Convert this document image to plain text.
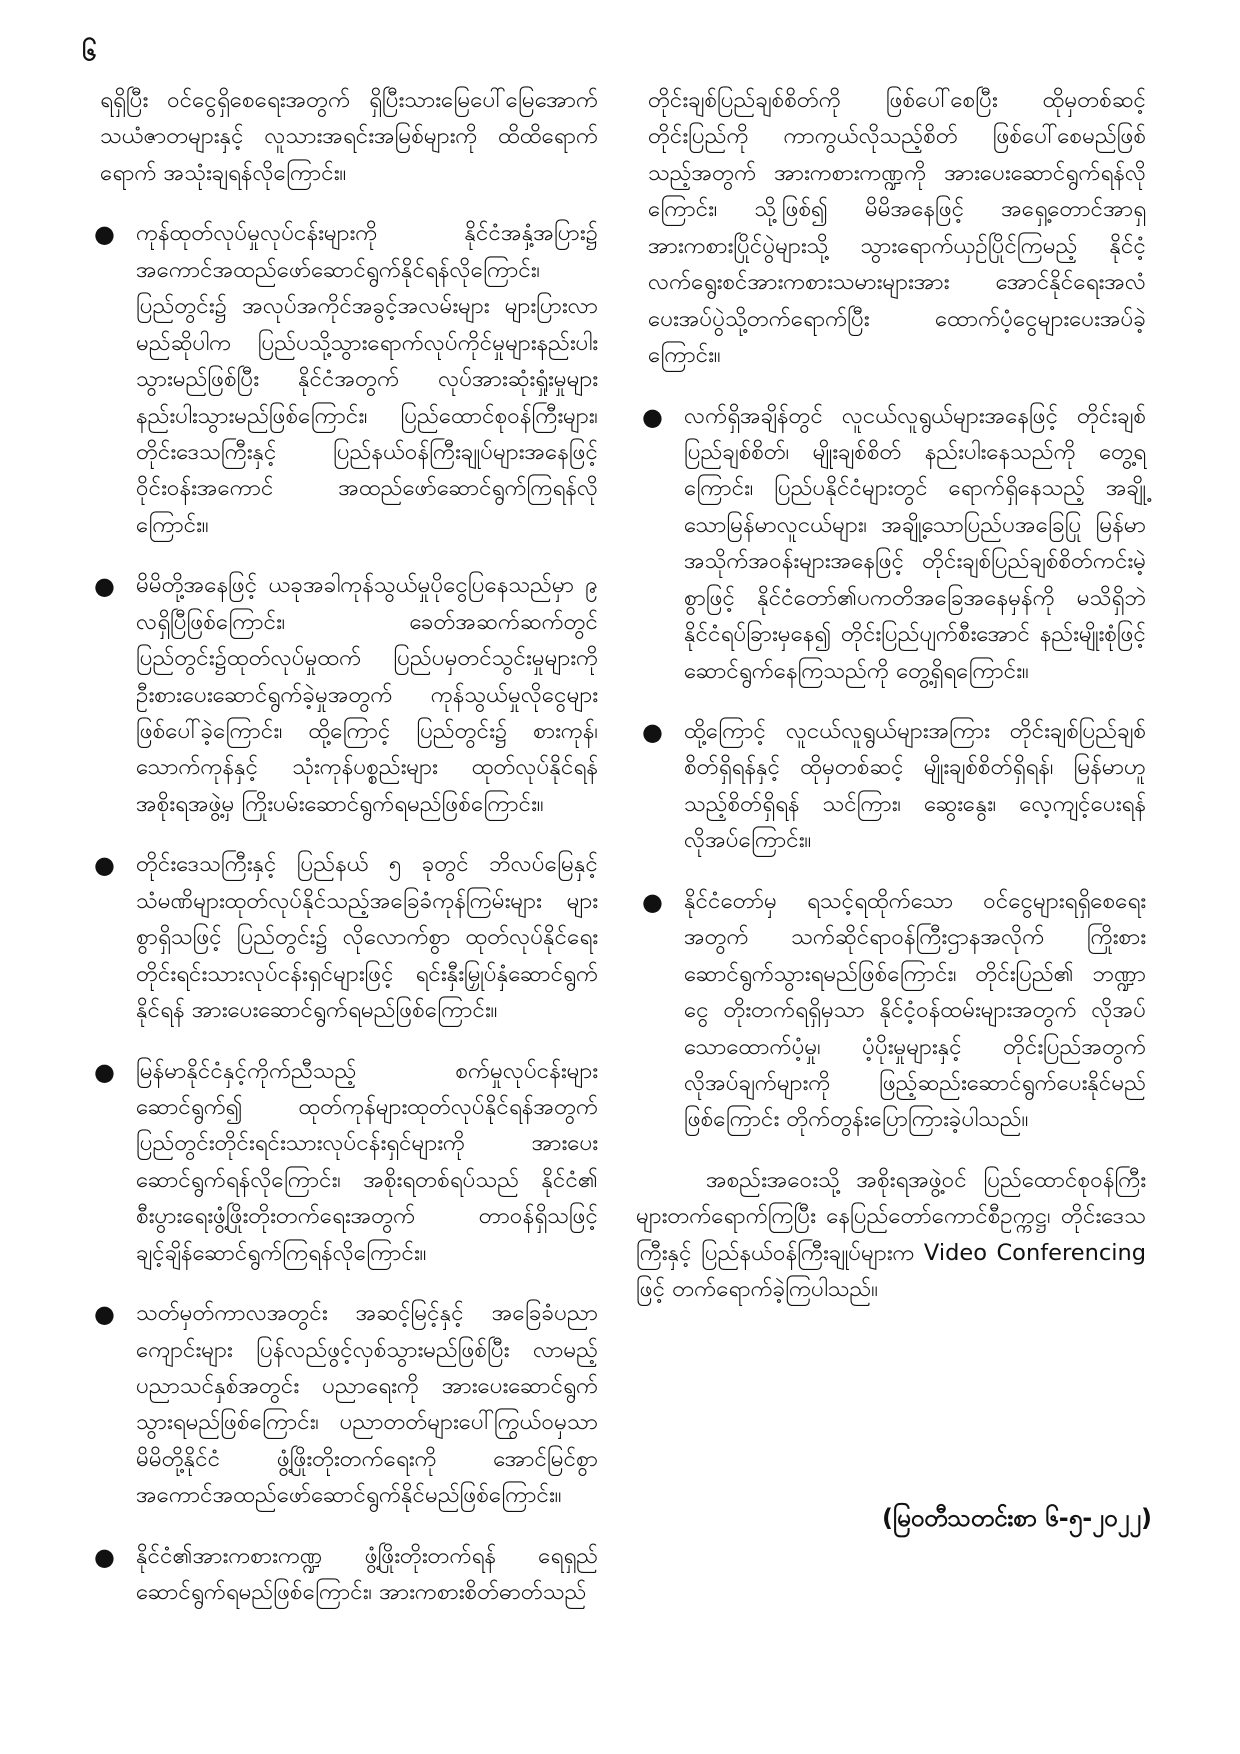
၆

ရရှိပြီး ဝင်ငွေရှိစေရေးအတွက် ရှိပြီးသားမြေပေါ်မြေအောက်သယံဇာတများနှင့် လူသားအရင်းအမြစ်များကို ထိထိရောက်ရောက် အသုံးချရန်လိုကြောင်း။

● ကုန်ထုတ်လုပ်မှုလုပ်ငန်းများကို နိုင်ငံအနှံ့အပြား၌ အကောင်အထည်ဖော်ဆောင်ရွက်နိုင်ရန်လိုကြောင်း၊ ပြည်တွင်း၌ အလုပ်အကိုင်အခွင့်အလမ်းများ များပြားလာမည်ဆိုပါက ပြည်ပသို့သွားရောက်လုပ်ကိုင်မှုများနည်းပါးသွားမည်ဖြစ်ပြီး နိုင်ငံအတွက် လုပ်အားဆုံးရှုံးမှုများ နည်းပါးသွားမည်ဖြစ်ကြောင်း၊ ပြည်ထောင်စုဝန်ကြီးများ၊ တိုင်းဒေသကြီးနှင့် ပြည်နယ်ဝန်ကြီးချုပ်များအနေဖြင့် ဝိုင်းဝန်းအကောင် အထည်ဖော်ဆောင်ရွက်ကြရန်လိုကြောင်း။
● မိမိတို့အနေဖြင့် ယခုအခါကုန်သွယ်မှုပိုငွေပြနေသည်မှာ ၉ လရှိပြီဖြစ်ကြောင်း၊ ခေတ်အဆက်ဆက်တွင် ပြည်တွင်း၌ထုတ်လုပ်မှုထက် ပြည်ပမှတင်သွင်းမှုများကို ဦးစားပေးဆောင်ရွက်ခဲ့မှုအတွက် ကုန်သွယ်မှုလိုငွေများ ဖြစ်ပေါ်ခဲ့ကြောင်း၊ ထို့ကြောင့် ပြည်တွင်း၌ စားကုန်၊ သောက်ကုန်နှင့် သုံးကုန်ပစ္စည်းများ ထုတ်လုပ်နိုင်ရန် အစိုးရအဖွဲ့မှ ကြိုးပမ်းဆောင်ရွက်ရမည်ဖြစ်ကြောင်း။
● တိုင်းဒေသကြီးနှင့် ပြည်နယ် ၅ ခုတွင် ဘိလပ်မြေနှင့် သံမဏိများထုတ်လုပ်နိုင်သည့်အခြေခံကုန်ကြမ်းများ များစွာရှိသဖြင့် ပြည်တွင်း၌ လိုလောက်စွာ ထုတ်လုပ်နိုင်ရေး တိုင်းရင်းသားလုပ်ငန်းရှင်များဖြင့် ရင်းနှီးမြှုပ်နှံဆောင်ရွက်နိုင်ရန် အားပေးဆောင်ရွက်ရမည်ဖြစ်ကြောင်း။
● မြန်မာနိုင်ငံနှင့်ကိုက်ညီသည့် စက်မှုလုပ်ငန်းများဆောင်ရွက်၍ ထုတ်ကုန်များထုတ်လုပ်နိုင်ရန်အတွက် ပြည်တွင်းတိုင်းရင်းသားလုပ်ငန်းရှင်များကို အားပေးဆောင်ရွက်ရန်လိုကြောင်း၊ အစိုးရတစ်ရပ်သည် နိုင်ငံ၏ စီးပွားရေးဖွံ့ဖြိုးတိုးတက်ရေးအတွက် တာဝန်ရှိသဖြင့် ချင့်ချိန်ဆောင်ရွက်ကြရန်လိုကြောင်း။
● သတ်မှတ်ကာလအတွင်း အဆင့်မြင့်နှင့် အခြေခံပညာကျောင်းများ ပြန်လည်ဖွင့်လှစ်သွားမည်ဖြစ်ပြီး လာမည့်ပညာသင်နှစ်အတွင်း ပညာရေးကို အားပေးဆောင်ရွက်သွားရမည်ဖြစ်ကြောင်း၊ ပညာတတ်များပေါ်ကြွယ်ဝမှသာ မိမိတို့နိုင်ငံ ဖွံ့ဖြိုးတိုးတက်ရေးကို အောင်မြင်စွာအကောင်အထည်ဖော်ဆောင်ရွက်နိုင်မည်ဖြစ်ကြောင်း။
● နိုင်ငံ၏အားကစားကဏ္ဍ ဖွံ့ဖြိုးတိုးတက်ရန် ရေရှည်ဆောင်ရွက်ရမည်ဖြစ်ကြောင်း၊ အားကစားစိတ်ဓာတ်သည်

တိုင်းချစ်ပြည်ချစ်စိတ်ကို ဖြစ်ပေါ်စေပြီး ထိုမှတစ်ဆင့် တိုင်းပြည်ကို ကာကွယ်လိုသည့်စိတ် ဖြစ်ပေါ်စေမည်ဖြစ်သည့်အတွက် အားကစားကဏ္ဍကို အားပေးဆောင်ရွက်ရန်လိုကြောင်း၊ သို့ဖြစ်၍ မိမိအနေဖြင့် အရှေ့တောင်အာရှ အားကစားပြိုင်ပွဲများသို့ သွားရောက်ယှဉ်ပြိုင်ကြမည့် နိုင်ငံ့လက်ရွေးစင်အားကစားသမားများအား အောင်နိုင်ရေးအလံပေးအပ်ပွဲသို့တက်ရောက်ပြီး ထောက်ပံ့ငွေများပေးအပ်ခဲ့ကြောင်း။

● လက်ရှိအချိန်တွင် လူငယ်လူရွယ်များအနေဖြင့် တိုင်းချစ်ပြည်ချစ်စိတ်၊ မျိုးချစ်စိတ် နည်းပါးနေသည်ကို တွေ့ရကြောင်း၊ ပြည်ပနိုင်ငံများတွင် ရောက်ရှိနေသည့် အချို့သောမြန်မာလူငယ်များ၊ အချို့သောပြည်ပအခြေပြု မြန်မာအသိုက်အဝန်းများအနေဖြင့် တိုင်းချစ်ပြည်ချစ်စိတ်ကင်းမဲ့စွာဖြင့် နိုင်ငံတော်၏ပကတိအခြေအနေမှန်ကို မသိရှိဘဲ နိုင်ငံရပ်ခြားမှနေ၍ တိုင်းပြည်ပျက်စီးအောင် နည်းမျိုးစုံဖြင့် ဆောင်ရွက်နေကြသည်ကို တွေ့ရှိရကြောင်း။
● ထို့ကြောင့် လူငယ်လူရွယ်များအကြား တိုင်းချစ်ပြည်ချစ်စိတ်ရှိရန်နှင့် ထိုမှတစ်ဆင့် မျိုးချစ်စိတ်ရှိရန်၊ မြန်မာဟူသည့်စိတ်ရှိရန် သင်ကြား၊ ဆွေးနွေး၊ လေ့ကျင့်ပေးရန် လိုအပ်ကြောင်း။
● နိုင်ငံတော်မှ ရသင့်ရထိုက်သော ဝင်ငွေများရရှိစေရေးအတွက် သက်ဆိုင်ရာဝန်ကြီးဌာနအလိုက် ကြိုးစားဆောင်ရွက်သွားရမည်ဖြစ်ကြောင်း၊ တိုင်းပြည်၏ ဘဏ္ဍာငွေ တိုးတက်ရရှိမှသာ နိုင်ငံ့ဝန်ထမ်းများအတွက် လိုအပ်သောထောက်ပံ့မှု၊ ပံ့ပိုးမှုများနှင့် တိုင်းပြည်အတွက် လိုအပ်ချက်များကို ဖြည့်ဆည်းဆောင်ရွက်ပေးနိုင်မည်ဖြစ်ကြောင်း တိုက်တွန်းပြောကြားခဲ့ပါသည်။

အစည်းအဝေးသို့ အစိုးရအဖွဲ့ဝင် ပြည်ထောင်စုဝန်ကြီးများတက်ရောက်ကြပြီး နေပြည်တော်ကောင်စီဥက္ကဋ္ဌ၊ တိုင်းဒေသကြီးနှင့် ပြည်နယ်ဝန်ကြီးချုပ်များက Video Conferencing ဖြင့် တက်ရောက်ခဲ့ကြပါသည်။

(မြဝတီသတင်းစာ ၆-၅-၂၀၂၂)
